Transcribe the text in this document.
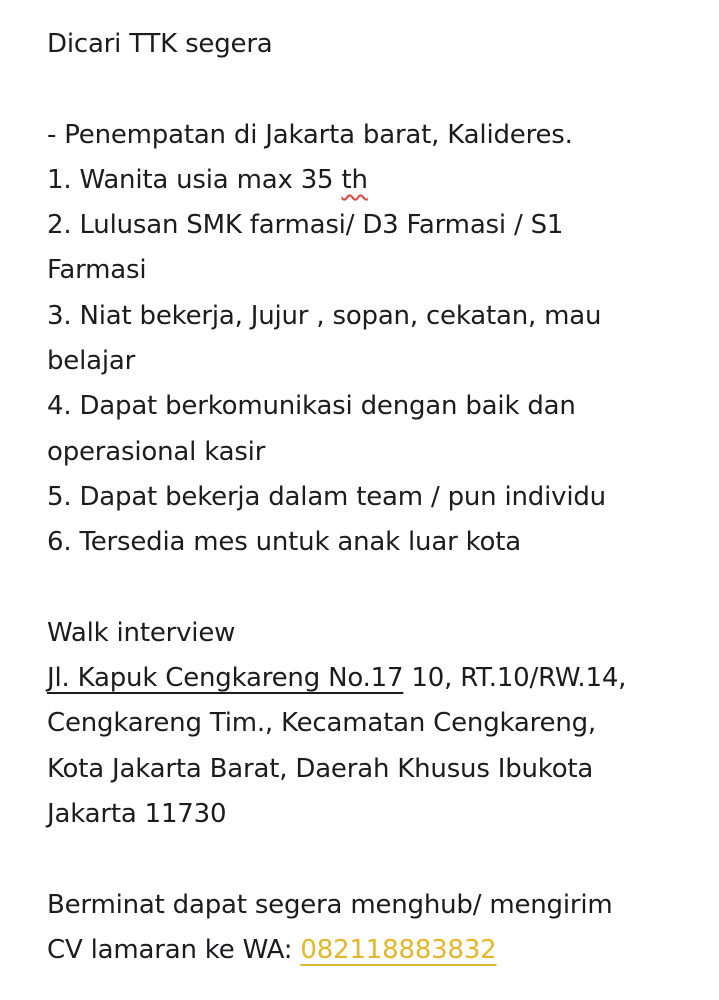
Dicari TTK segera
- Penempatan di Jakarta barat, Kalideres.
1. Wanita usia max 35 th
2. Lulusan SMK farmasi/ D3 Farmasi / S1
Farmasi
3. Niat bekerja, Jujur , sopan, cekatan, mau
belajar
4. Dapat berkomunikasi dengan baik dan
operasional kasir
5. Dapat bekerja dalam team / pun individu
6. Tersedia mes untuk anak luar kota
Walk interview
Jl. Kapuk Cengkareng No.17 10, RT.10/RW.14,
Cengkareng Tim., Kecamatan Cengkareng,
Kota Jakarta Barat, Daerah Khusus Ibukota
Jakarta 11730
Berminat dapat segera menghub/ mengirim
CV lamaran ke WA: 082118883832
